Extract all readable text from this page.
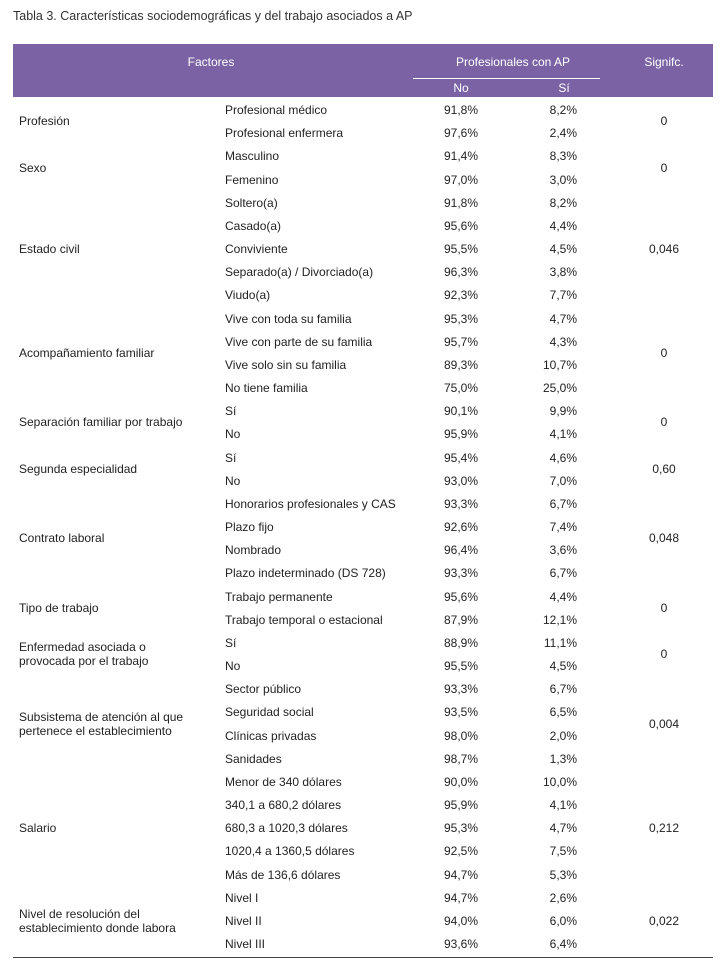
Tabla 3. Características sociodemográficas y del trabajo asociados a AP
Factores	Profesionales con AP	Signifc.
No	Sí
Profesional médico	91,8%	8,2%
Profesional enfermera	97,6%	2,4%
Profesión	0
Masculino	91,4%	8,3%
Femenino	97,0%	3,0%
Sexo	0
Soltero(a)	91,8%	8,2%
Casado(a)	95,6%	4,4%
Conviviente	95,5%	4,5%
Separado(a) / Divorciado(a)	96,3%	3,8%
Viudo(a)	92,3%	7,7%
Estado civil	0,046
Vive con toda su familia	95,3%	4,7%
Vive con parte de su familia	95,7%	4,3%
Vive solo sin su familia	89,3%	10,7%
No tiene familia	75,0%	25,0%
Acompañamiento familiar	0
Sí	90,1%	9,9%
No	95,9%	4,1%
Separación familiar por trabajo	0
Sí	95,4%	4,6%
No	93,0%	7,0%
Segunda especialidad	0,60
Honorarios profesionales y CAS	93,3%	6,7%
Plazo fijo	92,6%	7,4%
Nombrado	96,4%	3,6%
Plazo indeterminado (DS 728)	93,3%	6,7%
Contrato laboral	0,048
Trabajo permanente	95,6%	4,4%
Trabajo temporal o estacional	87,9%	12,1%
Tipo de trabajo	0
Sí	88,9%	11,1%
No	95,5%	4,5%
Enfermedad asociada o provocada por el trabajo	0
Sector público	93,3%	6,7%
Seguridad social	93,5%	6,5%
Clínicas privadas	98,0%	2,0%
Sanidades	98,7%	1,3%
Subsistema de atención al que pertenece el establecimiento	0,004
Menor de 340 dólares	90,0%	10,0%
340,1 a 680,2 dólares	95,9%	4,1%
680,3 a 1020,3 dólares	95,3%	4,7%
1020,4 a 1360,5 dólares	92,5%	7,5%
Más de 136,6 dólares	94,7%	5,3%
Salario	0,212
Nivel I	94,7%	2,6%
Nivel II	94,0%	6,0%
Nivel III	93,6%	6,4%
Nivel de resolución del establecimiento donde labora	0,022
